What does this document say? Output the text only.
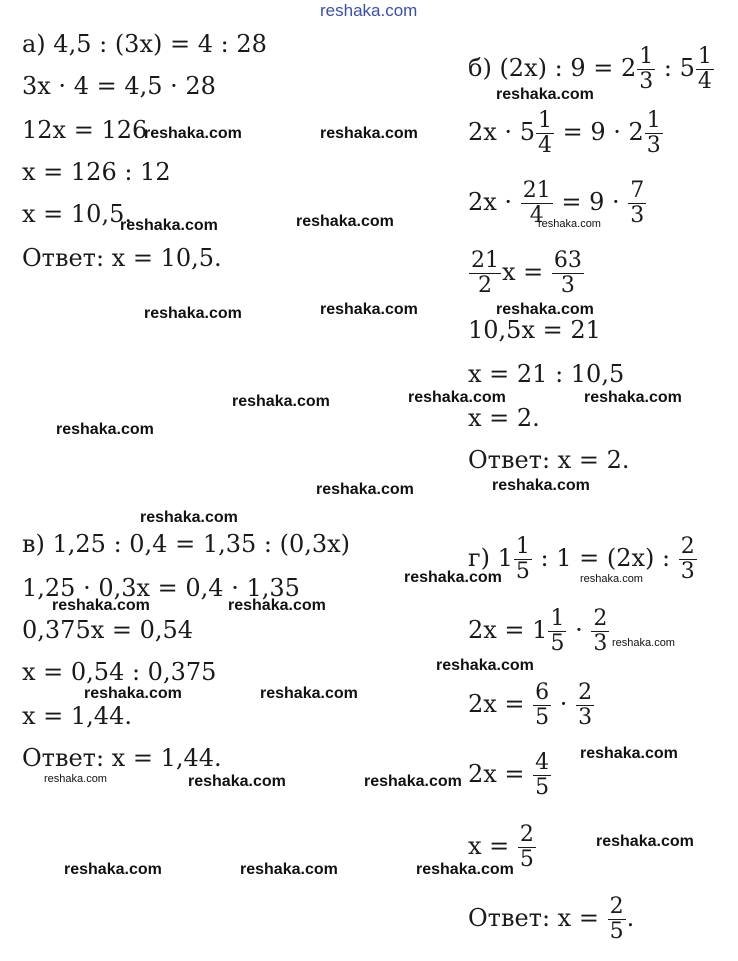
reshaka.com
а) 4,5 : (3x) = 4 : 28
3x · 4 = 4,5 · 28
12x = 126
x = 126 : 12
x = 10,5.
Ответ: x = 10,5.
б) (2x) : $9 = 2 \frac{1}{3}$ : $5 \frac{1}{4}$
$2x \cdot 5 \frac{1}{4} = 9 \cdot 2 \frac{1}{3}$
$2x \cdot \frac{21}{4} = 9 \cdot \frac{7}{3}$
$\frac{21}{2}$ $x = \frac{63}{3}$
10,5x = 21
x = 21 : 10,5
x = 2.
Ответ: x = 2.
в) 1,25 : 0,4 = 1,35 : (0,3x)
1,25 · 0,3x = 0,4 · 1,35
0,375x = 0,54
x = 0,54 : 0,375
x = 1,44.
Ответ: x = 1,44.
г) $1 \frac{1}{5}$ : 1 = (2x) : $\frac{2}{3}$
$2x = 1 \frac{1}{5} \cdot \frac{2}{3}$
$2x = \frac{6}{5} \cdot \frac{2}{3}$
$2x = \frac{4}{5}$
$x = \frac{2}{5}$
Ответ: $x = \frac{2}{5}$ .
reshaka.com
reshaka.com	reshaka.com
reshaka.com	reshaka.com	reshaka.com
reshaka.com	reshaka.com	reshaka.com
reshaka.com	reshaka.com	reshaka.com
reshaka.com
reshaka.com	reshaka.com
reshaka.com
reshaka.com	reshaka.com
reshaka.com	reshaka.com
reshaka.com
reshaka.com
reshaka.com	reshaka.com
reshaka.com
reshaka.com	reshaka.com	reshaka.com
reshaka.com
reshaka.com	reshaka.com	reshaka.com
